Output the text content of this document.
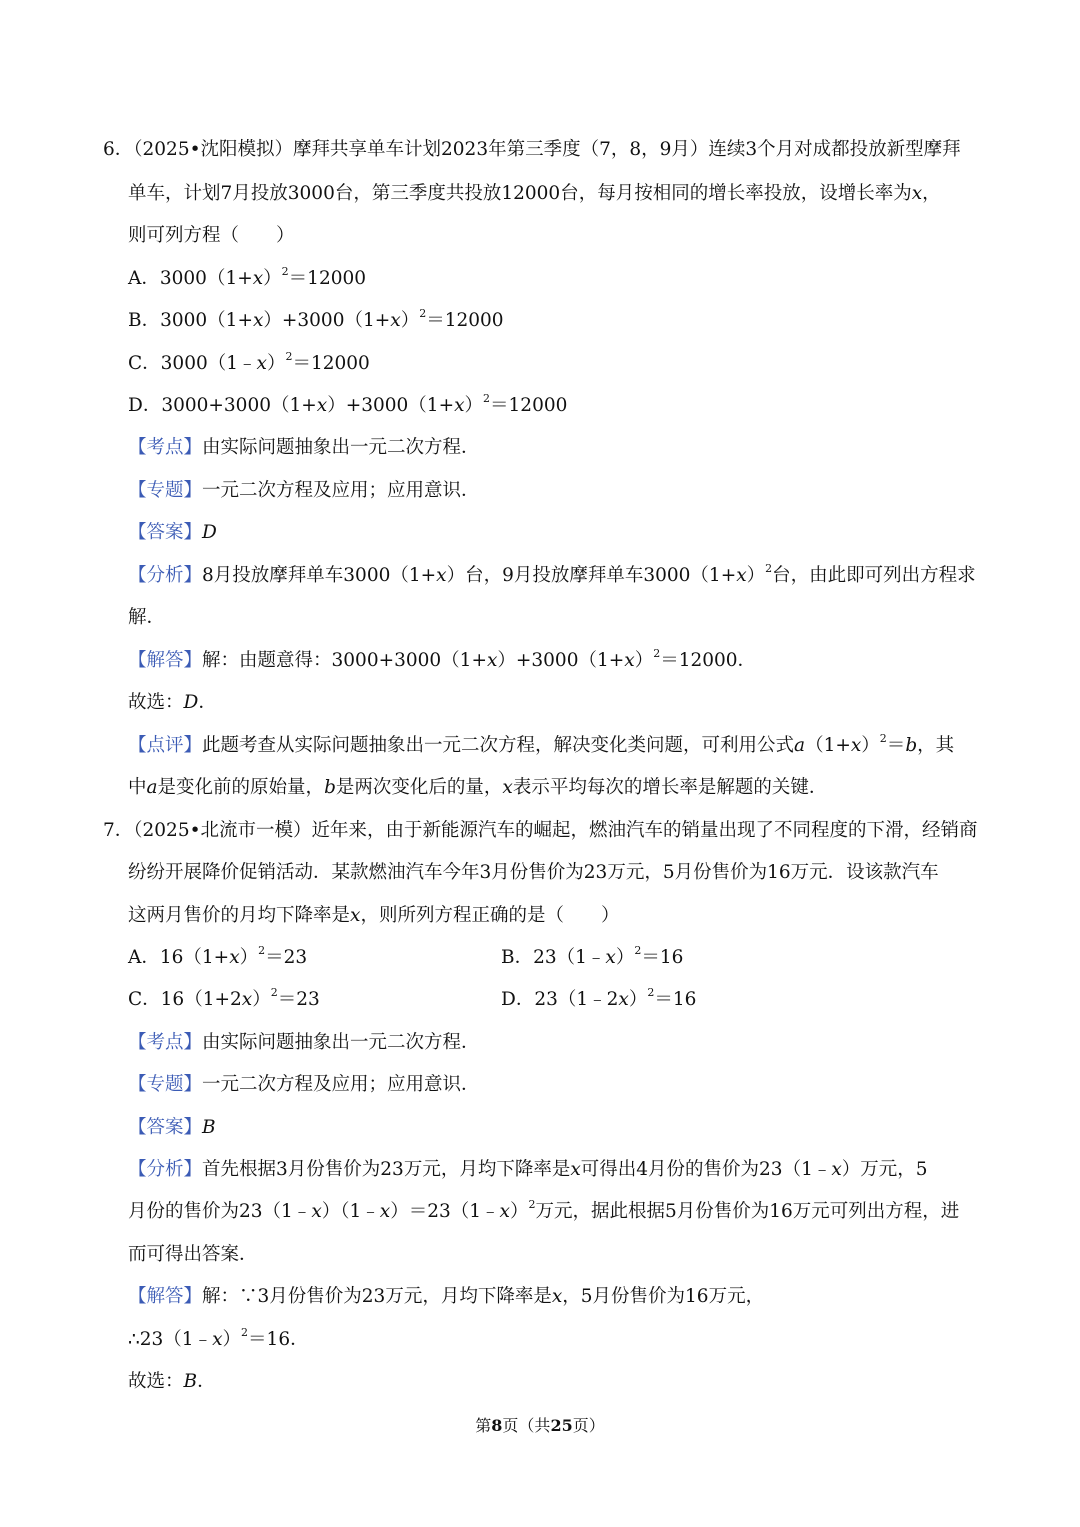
6．（2025•沈阳模拟）摩拜共享单车计划2023年第三季度（7，8，9月）连续3个月对成都投放新型摩拜
单车，计划7月投放3000台，第三季度共投放12000台，每月按相同的增长率投放，设增长率为x，
则可列方程（　　）
A．$3000(1+x)^2=12000$
B．$3000(1+x)+3000(1+x)^2=12000$
C．3000（1﹣x）$^2$＝12000
D．$3000+3000(1+x)+3000(1+x)^2=12000$
【考点】由实际问题抽象出一元二次方程．
【专题】一元二次方程及应用；应用意识．
【答案】D
【分析】8月投放摩拜单车3000（1+x）台，9月投放摩拜单车$3000(1+x)^2$台，由此即可列出方程求
解．
【解答】解：由题意得：$3000+3000(1+x)+3000(1+x)^2=12000$．
故选：D．
【点评】此题考查从实际问题抽象出一元二次方程，解决变化类问题，可利用公式$a(1+x)^2=b$，其
中a是变化前的原始量，b是两次变化后的量，x表示平均每次的增长率是解题的关键．
7．（2025•北流市一模）近年来，由于新能源汽车的崛起，燃油汽车的销量出现了不同程度的下滑，经销商
纷纷开展降价促销活动．某款燃油汽车今年3月份售价为23万元，5月份售价为16万元．设该款汽车
这两月售价的月均下降率是x，则所列方程正确的是（　　）
A．$16(1+x)^2=23$	B．23（1﹣x）$^2$＝16
C．$16(1+2x)^2=23$	D．23（1﹣2x）$^2$＝16
【考点】由实际问题抽象出一元二次方程．
【专题】一元二次方程及应用；应用意识．
【答案】B
【分析】首先根据3月份售价为23万元，月均下降率是x可得出4月份的售价为23（1﹣x）万元，5
月份的售价为23（1﹣x）（1﹣x）＝23（1﹣x）$^2$万元，据此根据5月份售价为16万元可列出方程，进
而可得出答案．
【解答】解：∵3月份售价为23万元，月均下降率是x，5月份售价为16万元，
∴23（1﹣x）$^2$＝16．
故选：B．
第8页（共25页）
